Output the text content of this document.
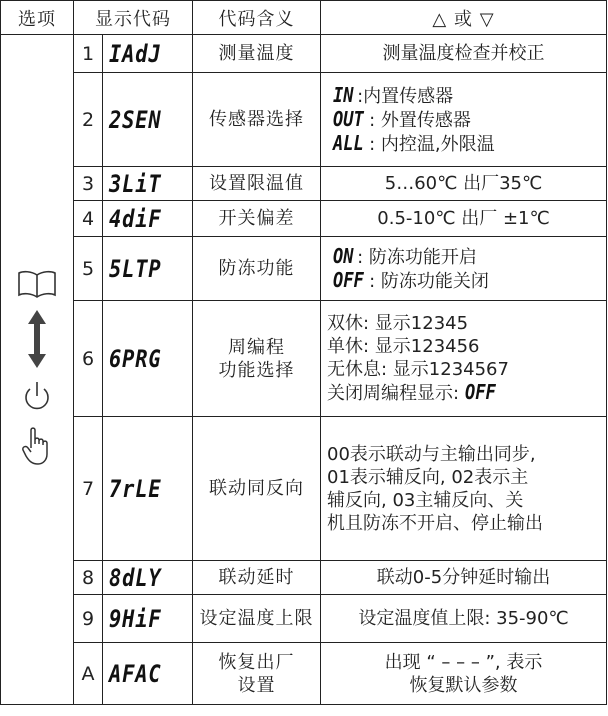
选项	显示代码		代码含义	△ 或 ▽

	1	IAdJ	测量温度	测量温度检查并校正

	2	2SEN	传感器选择	IN :内置传感器
OUT : 外置传感器
ALL : 内控温,外限温

	3	3LiT	设置限温值	5…60℃ 出厂35℃

	4	4diF	开关偏差	0.5-10℃ 出厂 ±1℃

	5	5LTP	防冻功能	ON : 防冻功能开启
OFF : 防冻功能关闭

	6	6PRG	周编程
功能选择	双休: 显示12345
单休: 显示123456
无休息: 显示1234567
关闭周编程显示: OFF

	7	7rLE	联动同反向	00表示联动与主输出同步,
01表示辅反向, 02表示主
辅反向, 03主辅反向、关
机且防冻不开启、停止输出

	8	8dLY	联动延时	联动0-5分钟延时输出

	9	9HiF	设定温度上限	设定温度值上限: 35-90℃

	A	AFAC	恢复出厂
设置	出现 “ – – – ”, 表示
恢复默认参数
